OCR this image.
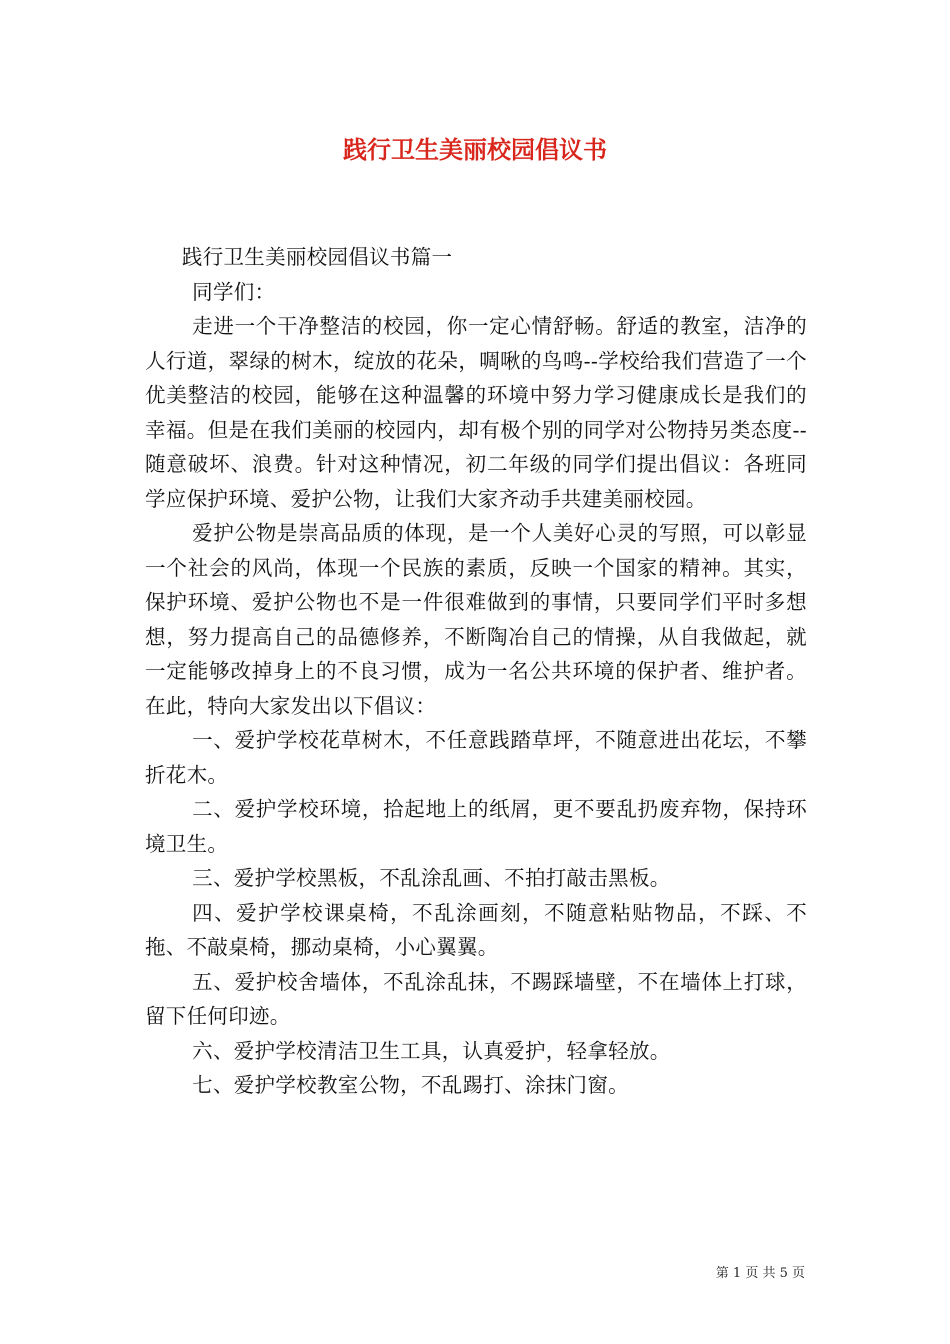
践行卫生美丽校园倡议书

践行卫生美丽校园倡议书篇一

同学们：

走进一个干净整洁的校园，你一定心情舒畅。舒适的教室，洁净的人行道，翠绿的树木，绽放的花朵，啁啾的鸟鸣--学校给我们营造了一个优美整洁的校园，能够在这种温馨的环境中努力学习健康成长是我们的幸福。但是在我们美丽的校园内，却有极个别的同学对公物持另类态度--随意破坏、浪费。针对这种情况，初二年级的同学们提出倡议：各班同学应保护环境、爱护公物，让我们大家齐动手共建美丽校园。

爱护公物是崇高品质的体现，是一个人美好心灵的写照，可以彰显一个社会的风尚，体现一个民族的素质，反映一个国家的精神。其实，保护环境、爱护公物也不是一件很难做到的事情，只要同学们平时多想想，努力提高自己的品德修养，不断陶冶自己的情操，从自我做起，就一定能够改掉身上的不良习惯，成为一名公共环境的保护者、维护者。在此，特向大家发出以下倡议：

一、爱护学校花草树木，不任意践踏草坪，不随意进出花坛，不攀折花木。

二、爱护学校环境，拾起地上的纸屑，更不要乱扔废弃物，保持环境卫生。

三、爱护学校黑板，不乱涂乱画、不拍打敲击黑板。

四、爱护学校课桌椅，不乱涂画刻，不随意粘贴物品，不踩、不拖、不敲桌椅，挪动桌椅，小心翼翼。

五、爱护校舍墙体，不乱涂乱抹，不踢踩墙壁，不在墙体上打球，留下任何印迹。

六、爱护学校清洁卫生工具，认真爱护，轻拿轻放。

七、爱护学校教室公物，不乱踢打、涂抹门窗。

第 1 页 共 5 页
